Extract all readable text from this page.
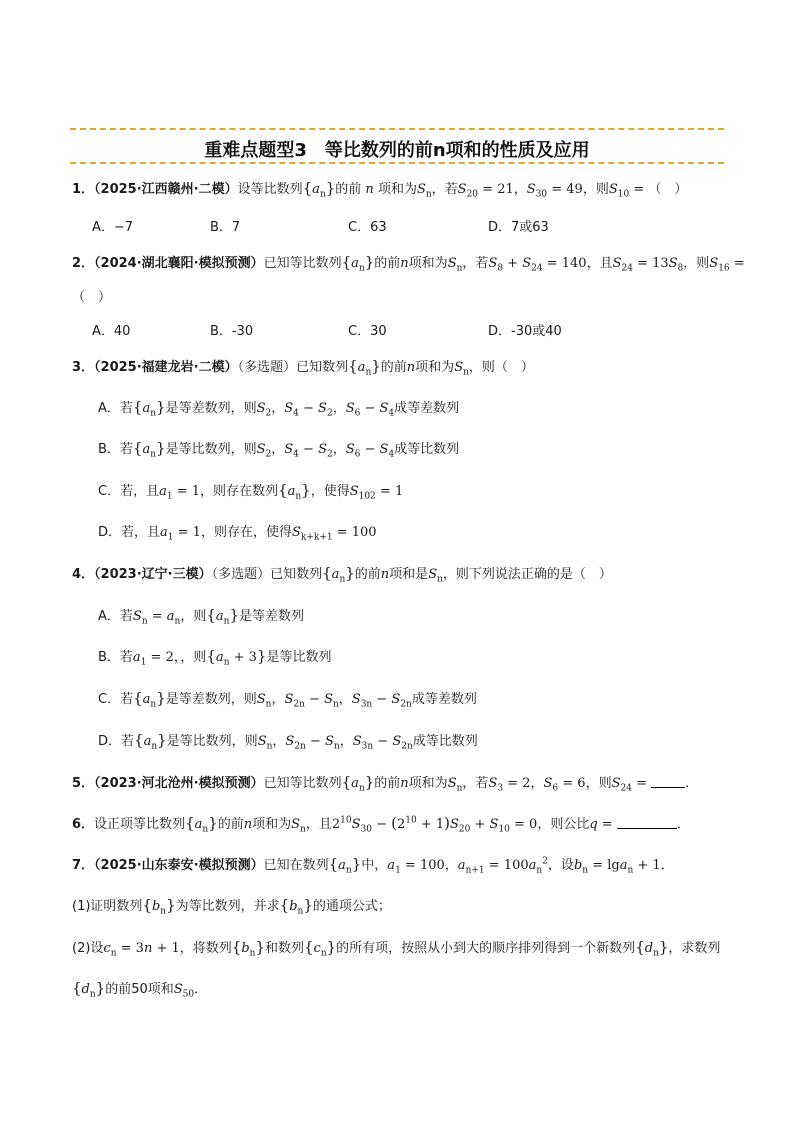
重难点题型3　等比数列的前n项和的性质及应用
1．（2025·江西赣州·二模）设等比数列$\{a_n\}$的前 n 项和为$S_n$，若$S_{20} = 21$，$S_{30} = 49$，则$S_{10}$ = （　）
A．−7	B．7	C．63	D．7或63
2．（2024·湖北襄阳·模拟预测）已知等比数列$\{a_n\}$的前n项和为$S_n$，若$S_8 + S_{24} = 140$，且$S_{24} = 13S_8$，则$S_{16}$ =
（　）
A．40	B．-30	C．30	D．-30或40
3．（2025·福建龙岩·二模）（多选题）已知数列$\{a_n\}$的前n项和为$S_n$，则（　）
A．若$\{a_n\}$是等差数列，则$S_2$，$S_4 - S_2$，$S_6 - S_4$成等差数列
B．若$\{a_n\}$是等比数列，则$S_2$，$S_4 - S_2$，$S_6 - S_4$成等比数列
C．若，且$a_1 = 1$，则存在数列$\{a_n\}$，使得$S_{102} = 1$
D．若，且$a_1 = 1$，则存在，使得$S_{k+k+1} = 100$
4．（2023·辽宁·三模）（多选题）已知数列$\{a_n\}$的前n项和是$S_n$，则下列说法正确的是（　）
A．若$S_n = a_n$，则$\{a_n\}$是等差数列
B．若$a_1 = 2$，，则$\{a_n + 3\}$是等比数列
C．若$\{a_n\}$是等差数列，则$S_n$，$S_{2n} - S_n$，$S_{3n} - S_{2n}$成等差数列
D．若$\{a_n\}$是等比数列，则$S_n$，$S_{2n} - S_n$，$S_{3n} - S_{2n}$成等比数列
5．（2023·河北沧州·模拟预测）已知等比数列$\{a_n\}$的前n项和为$S_n$，若$S_3 = 2$，$S_6 = 6$，则$S_{24}$ =	．
6．设正项等比数列$\{a_n\}$的前n项和为$S_n$，且$2^{10}S_{30} - (2^{10} + 1)S_{20} + S_{10} = 0$，则公比q =	．
7．（2025·山东泰安·模拟预测）已知在数列$\{a_n\}$中，$a_1 = 100$，$a_{n+1} = 100a_n^2$，设$b_n = \lg a_n + 1$．
(1)证明数列$\{b_n\}$为等比数列，并求$\{b_n\}$的通项公式；
(2)设$c_n = 3n + 1$，将数列$\{b_n\}$和数列$\{c_n\}$的所有项，按照从小到大的顺序排列得到一个新数列$\{d_n\}$，求数列
$\{d_n\}$的前50项和$S_{50}$．
